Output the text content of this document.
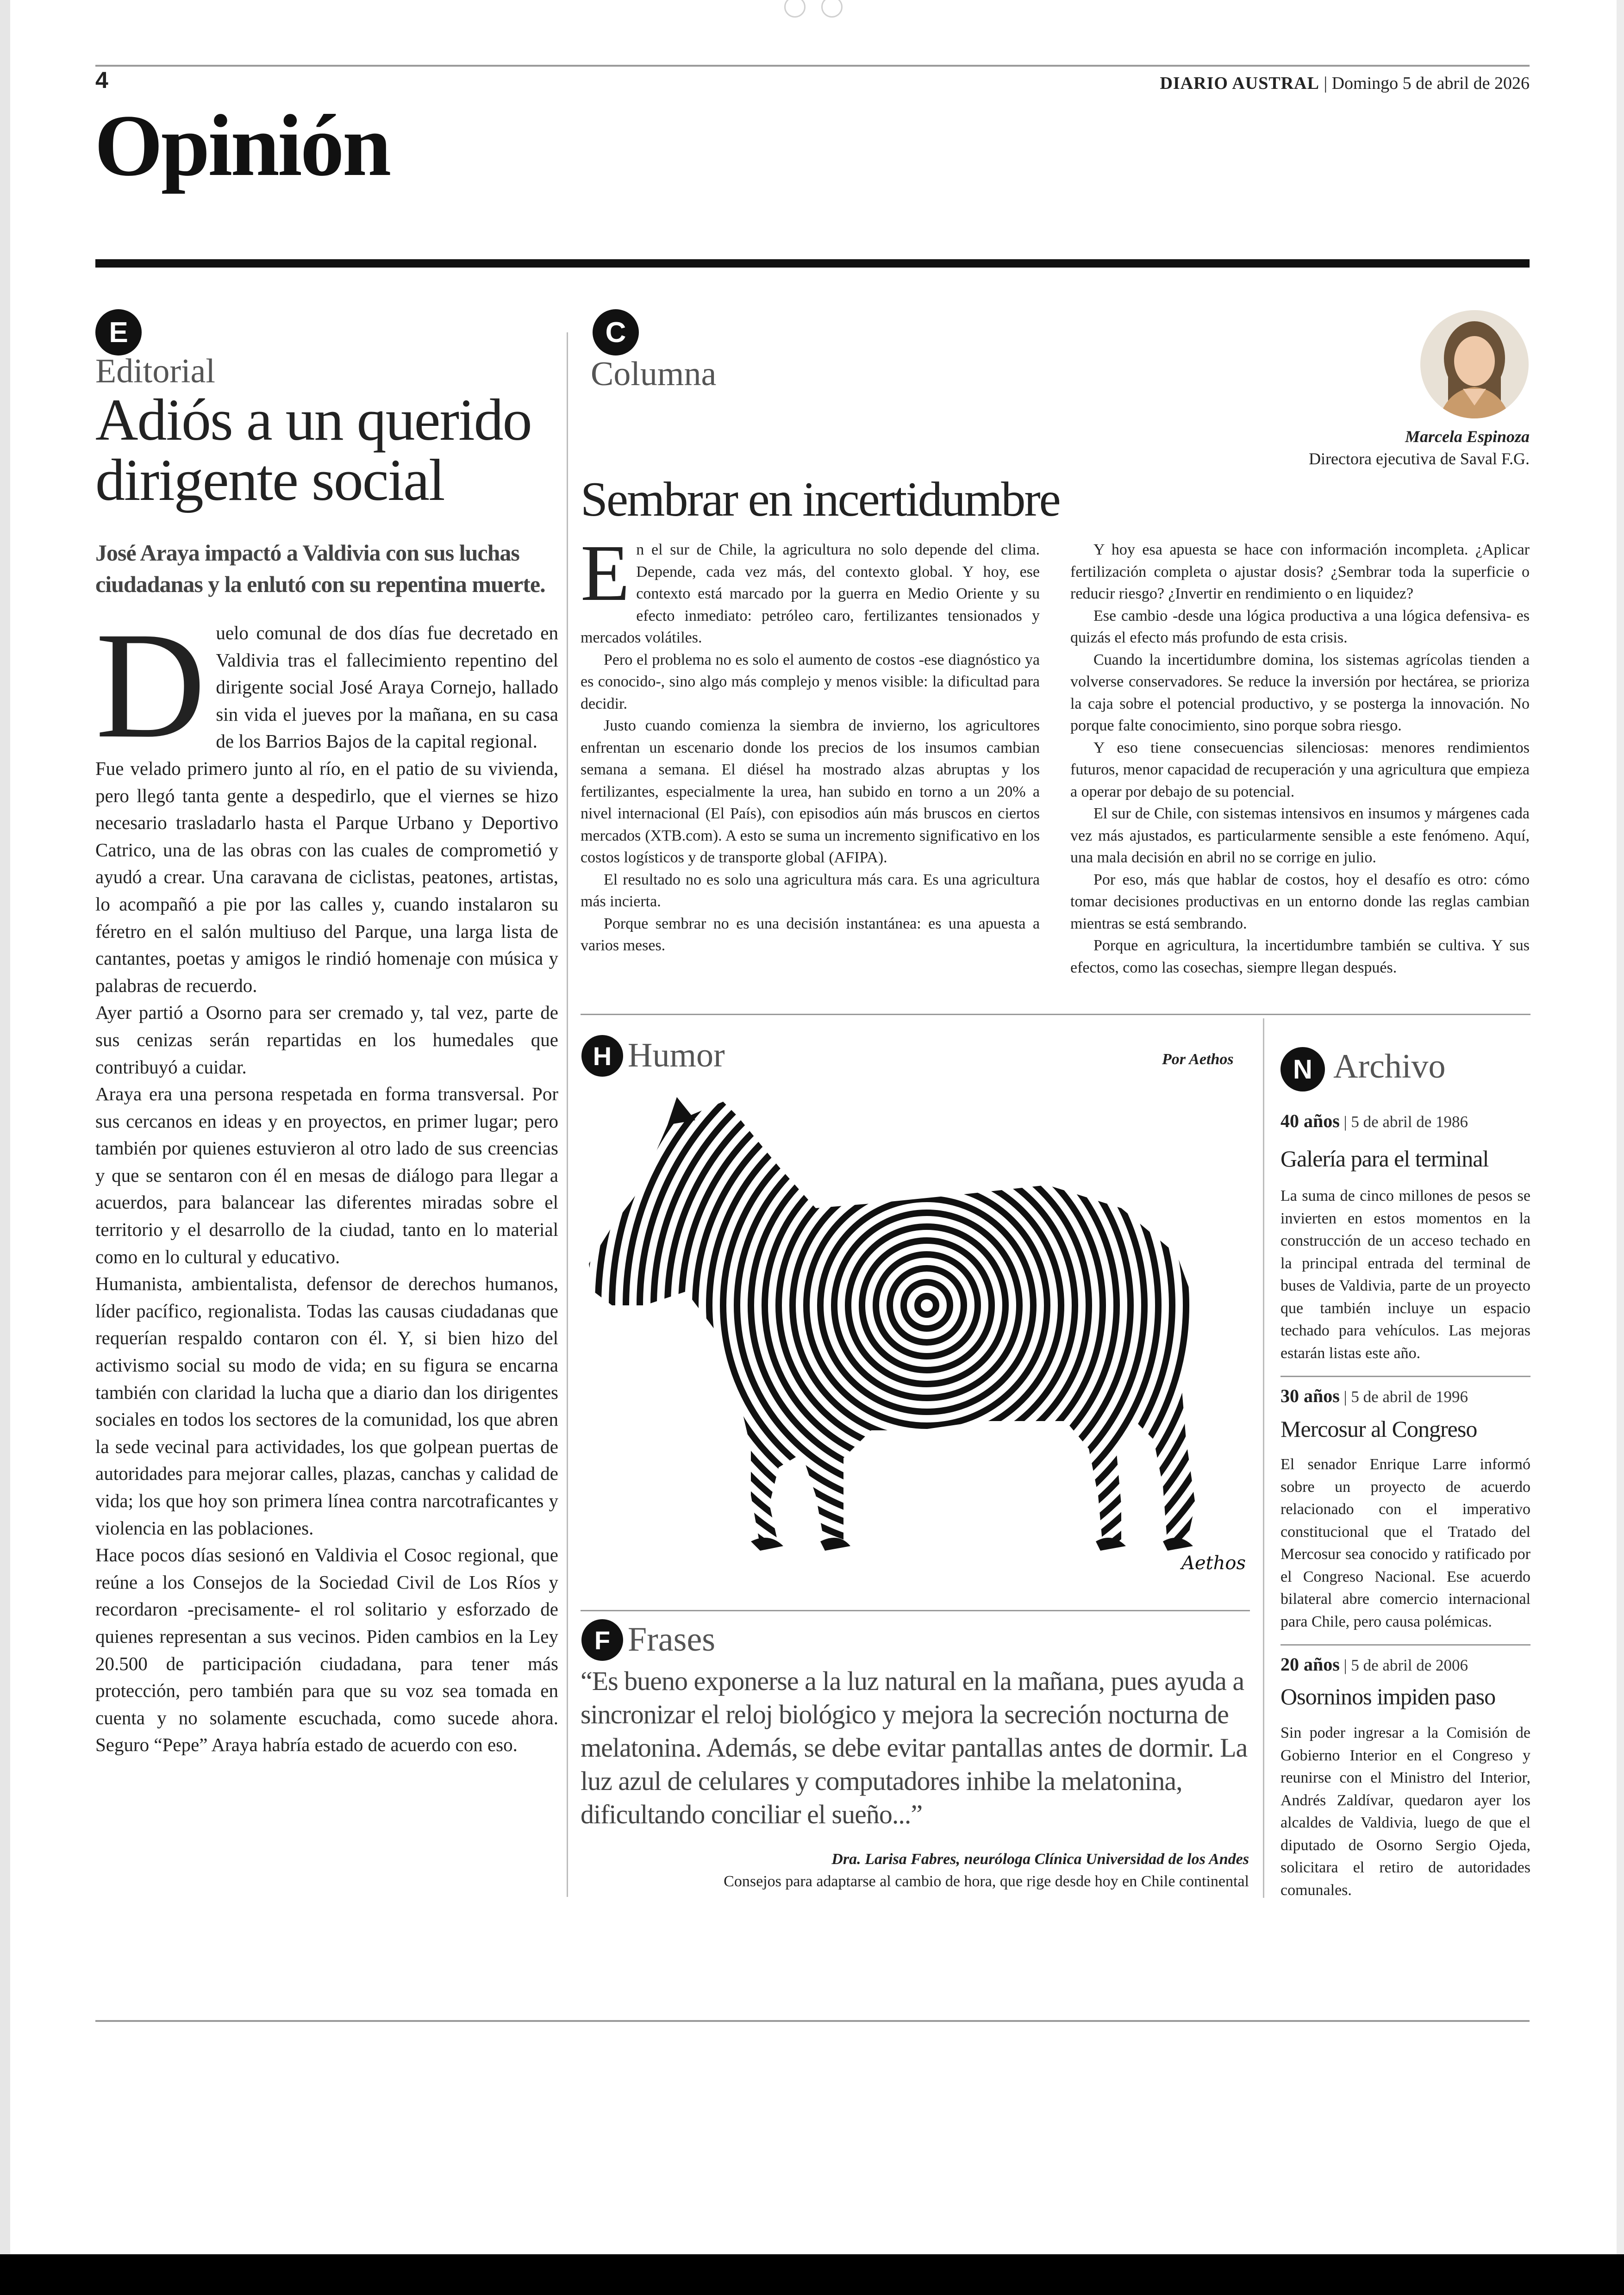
4	DIARIO AUSTRAL | Domingo 5 de abril de 2026
Opinión
E
Editorial
Adiós a un querido dirigente social
José Araya impactó a Valdivia con sus luchas ciudadanas y la enlutó con su repentina muerte.

Duelo comunal de dos días fue decretado en Valdivia tras el fallecimiento repentino del dirigente social José Araya Cornejo, hallado sin vida el jueves por la mañana, en su casa de los Barrios Bajos de la capital regional.

Fue velado primero junto al río, en el patio de su vivienda, pero llegó tanta gente a despedirlo, que el viernes se hizo necesario trasladarlo hasta el Parque Urbano y Deportivo Catrico, una de las obras con las cuales de comprometió y ayudó a crear. Una caravana de ciclistas, peatones, artistas, lo acompañó a pie por las calles y, cuando instalaron su féretro en el salón multiuso del Parque, una larga lista de cantantes, poetas y amigos le rindió homenaje con música y palabras de recuerdo.

Ayer partió a Osorno para ser cremado y, tal vez, parte de sus cenizas serán repartidas en los humedales que contribuyó a cuidar.

Araya era una persona respetada en forma transversal. Por sus cercanos en ideas y en proyectos, en primer lugar; pero también por quienes estuvieron al otro lado de sus creencias y que se sentaron con él en mesas de diálogo para llegar a acuerdos, para balancear las diferentes miradas sobre el territorio y el desarrollo de la ciudad, tanto en lo material como en lo cultural y educativo.

Humanista, ambientalista, defensor de derechos humanos, líder pacífico, regionalista. Todas las causas ciudadanas que requerían respaldo contaron con él. Y, si bien hizo del activismo social su modo de vida; en su figura se encarna también con claridad la lucha que a diario dan los dirigentes sociales en todos los sectores de la comunidad, los que abren la sede vecinal para actividades, los que golpean puertas de autoridades para mejorar calles, plazas, canchas y calidad de vida; los que hoy son primera línea contra narcotraficantes y violencia en las poblaciones.

Hace pocos días sesionó en Valdivia el Cosoc regional, que reúne a los Consejos de la Sociedad Civil de Los Ríos y recordaron -precisamente- el rol solitario y esforzado de quienes representan a sus vecinos. Piden cambios en la Ley 20.500 de participación ciudadana, para tener más protección, pero también para que su voz sea tomada en cuenta y no solamente escuchada, como sucede ahora. Seguro “Pepe” Araya habría estado de acuerdo con eso.

C
Columna
Marcela Espinoza
Directora ejecutiva de Saval F.G.
Sembrar en incertidumbre

En el sur de Chile, la agricultura no solo depende del clima. Depende, cada vez más, del contexto global. Y hoy, ese contexto está marcado por la guerra en Medio Oriente y su efecto inmediato: petróleo caro, fertilizantes tensionados y mercados volátiles.

Pero el problema no es solo el aumento de costos -ese diagnóstico ya es conocido-, sino algo más complejo y menos visible: la dificultad para decidir.

Justo cuando comienza la siembra de invierno, los agricultores enfrentan un escenario donde los precios de los insumos cambian semana a semana. El diésel ha mostrado alzas abruptas y los fertilizantes, especialmente la urea, han subido en torno a un 20% a nivel internacional (El País), con episodios aún más bruscos en ciertos mercados (XTB.com). A esto se suma un incremento significativo en los costos logísticos y de transporte global (AFIPA).

El resultado no es solo una agricultura más cara. Es una agricultura más incierta.

Porque sembrar no es una decisión instantánea: es una apuesta a varios meses.

Y hoy esa apuesta se hace con información incompleta. ¿Aplicar fertilización completa o ajustar dosis? ¿Sembrar toda la superficie o reducir riesgo? ¿Invertir en rendimiento o en liquidez?

Ese cambio -desde una lógica productiva a una lógica defensiva- es quizás el efecto más profundo de esta crisis.

Cuando la incertidumbre domina, los sistemas agrícolas tienden a volverse conservadores. Se reduce la inversión por hectárea, se prioriza la caja sobre el potencial productivo, y se posterga la innovación. No porque falte conocimiento, sino porque sobra riesgo.

Y eso tiene consecuencias silenciosas: menores rendimientos futuros, menor capacidad de recuperación y una agricultura que empieza a operar por debajo de su potencial.

El sur de Chile, con sistemas intensivos en insumos y márgenes cada vez más ajustados, es particularmente sensible a este fenómeno. Aquí, una mala decisión en abril no se corrige en julio.

Por eso, más que hablar de costos, hoy el desafío es otro: cómo tomar decisiones productivas en un entorno donde las reglas cambian mientras se está sembrando.

Porque en agricultura, la incertidumbre también se cultiva. Y sus efectos, como las cosechas, siempre llegan después.

H Humor	Por Aethos
Aethos
F Frases
“Es bueno exponerse a la luz natural en la mañana, pues ayuda a sincronizar el reloj biológico y mejora la secreción nocturna de melatonina. Además, se debe evitar pantallas antes de dormir. La luz azul de celulares y computadores inhibe la melatonina, dificultando conciliar el sueño...”
Dra. Larisa Fabres, neuróloga Clínica Universidad de los Andes
Consejos para adaptarse al cambio de hora, que rige desde hoy en Chile continental
N Archivo
40 años | 5 de abril de 1986
Galería para el terminal
La suma de cinco millones de pesos se invierten en estos momentos en la construcción de un acceso techado en la principal entrada del terminal de buses de Valdivia, parte de un proyecto que también incluye un espacio techado para vehículos. Las mejoras estarán listas este año.
30 años | 5 de abril de 1996
Mercosur al Congreso
El senador Enrique Larre informó sobre un proyecto de acuerdo relacionado con el imperativo constitucional que el Tratado del Mercosur sea conocido y ratificado por el Congreso Nacional. Ese acuerdo bilateral abre comercio internacional para Chile, pero causa polémicas.
20 años | 5 de abril de 2006
Osorninos impiden paso
Sin poder ingresar a la Comisión de Gobierno Interior en el Congreso y reunirse con el Ministro del Interior, Andrés Zaldívar, quedaron ayer los alcaldes de Valdivia, luego de que el diputado de Osorno Sergio Ojeda, solicitara el retiro de autoridades comunales.
